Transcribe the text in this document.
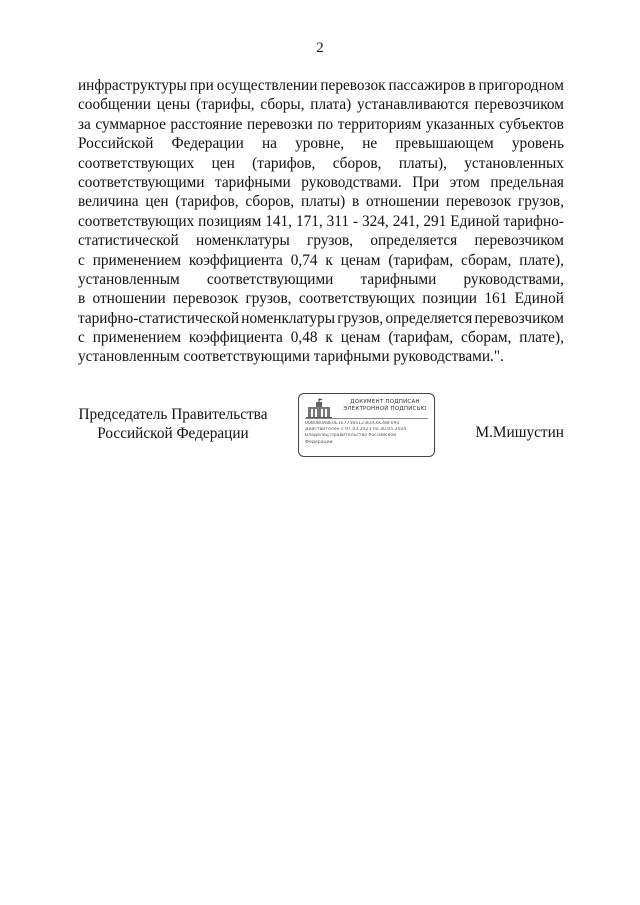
2
инфраструктуры при осуществлении перевозок пассажиров в пригородном
сообщении цены (тарифы, сборы, плата) устанавливаются перевозчиком
за суммарное расстояние перевозки по территориям указанных субъектов
Российской Федерации на уровне, не превышающем уровень
соответствующих цен (тарифов, сборов, платы), установленных
соответствующими тарифными руководствами. При этом предельная
величина цен (тарифов, сборов, платы) в отношении перевозок грузов,
соответствующих позициям 141, 171, 311 - 324, 241, 291 Единой тарифно-
статистической номенклатуры грузов, определяется перевозчиком
с применением коэффициента 0,74 к ценам (тарифам, сборам, плате),
установленным соответствующими тарифными руководствами,
в отношении перевозок грузов, соответствующих позиции 161 Единой
тарифно-статистической номенклатуры грузов, определяется перевозчиком
с применением коэффициента 0,48 к ценам (тарифам, сборам, плате),
установленным соответствующими тарифными руководствами.".
Председатель Правительства
Российской Федерации
ДОКУМЕНТ ПОДПИСАН
ЭЛЕКТРОННОЙ ПОДПИСЬЮ
00B0B0A8E0E1E77565123E0C6C48F091
Действителен с 07.03.2023 по 30.05.2024
Владелец Правительство Российской
Федерации
М.Мишустин
